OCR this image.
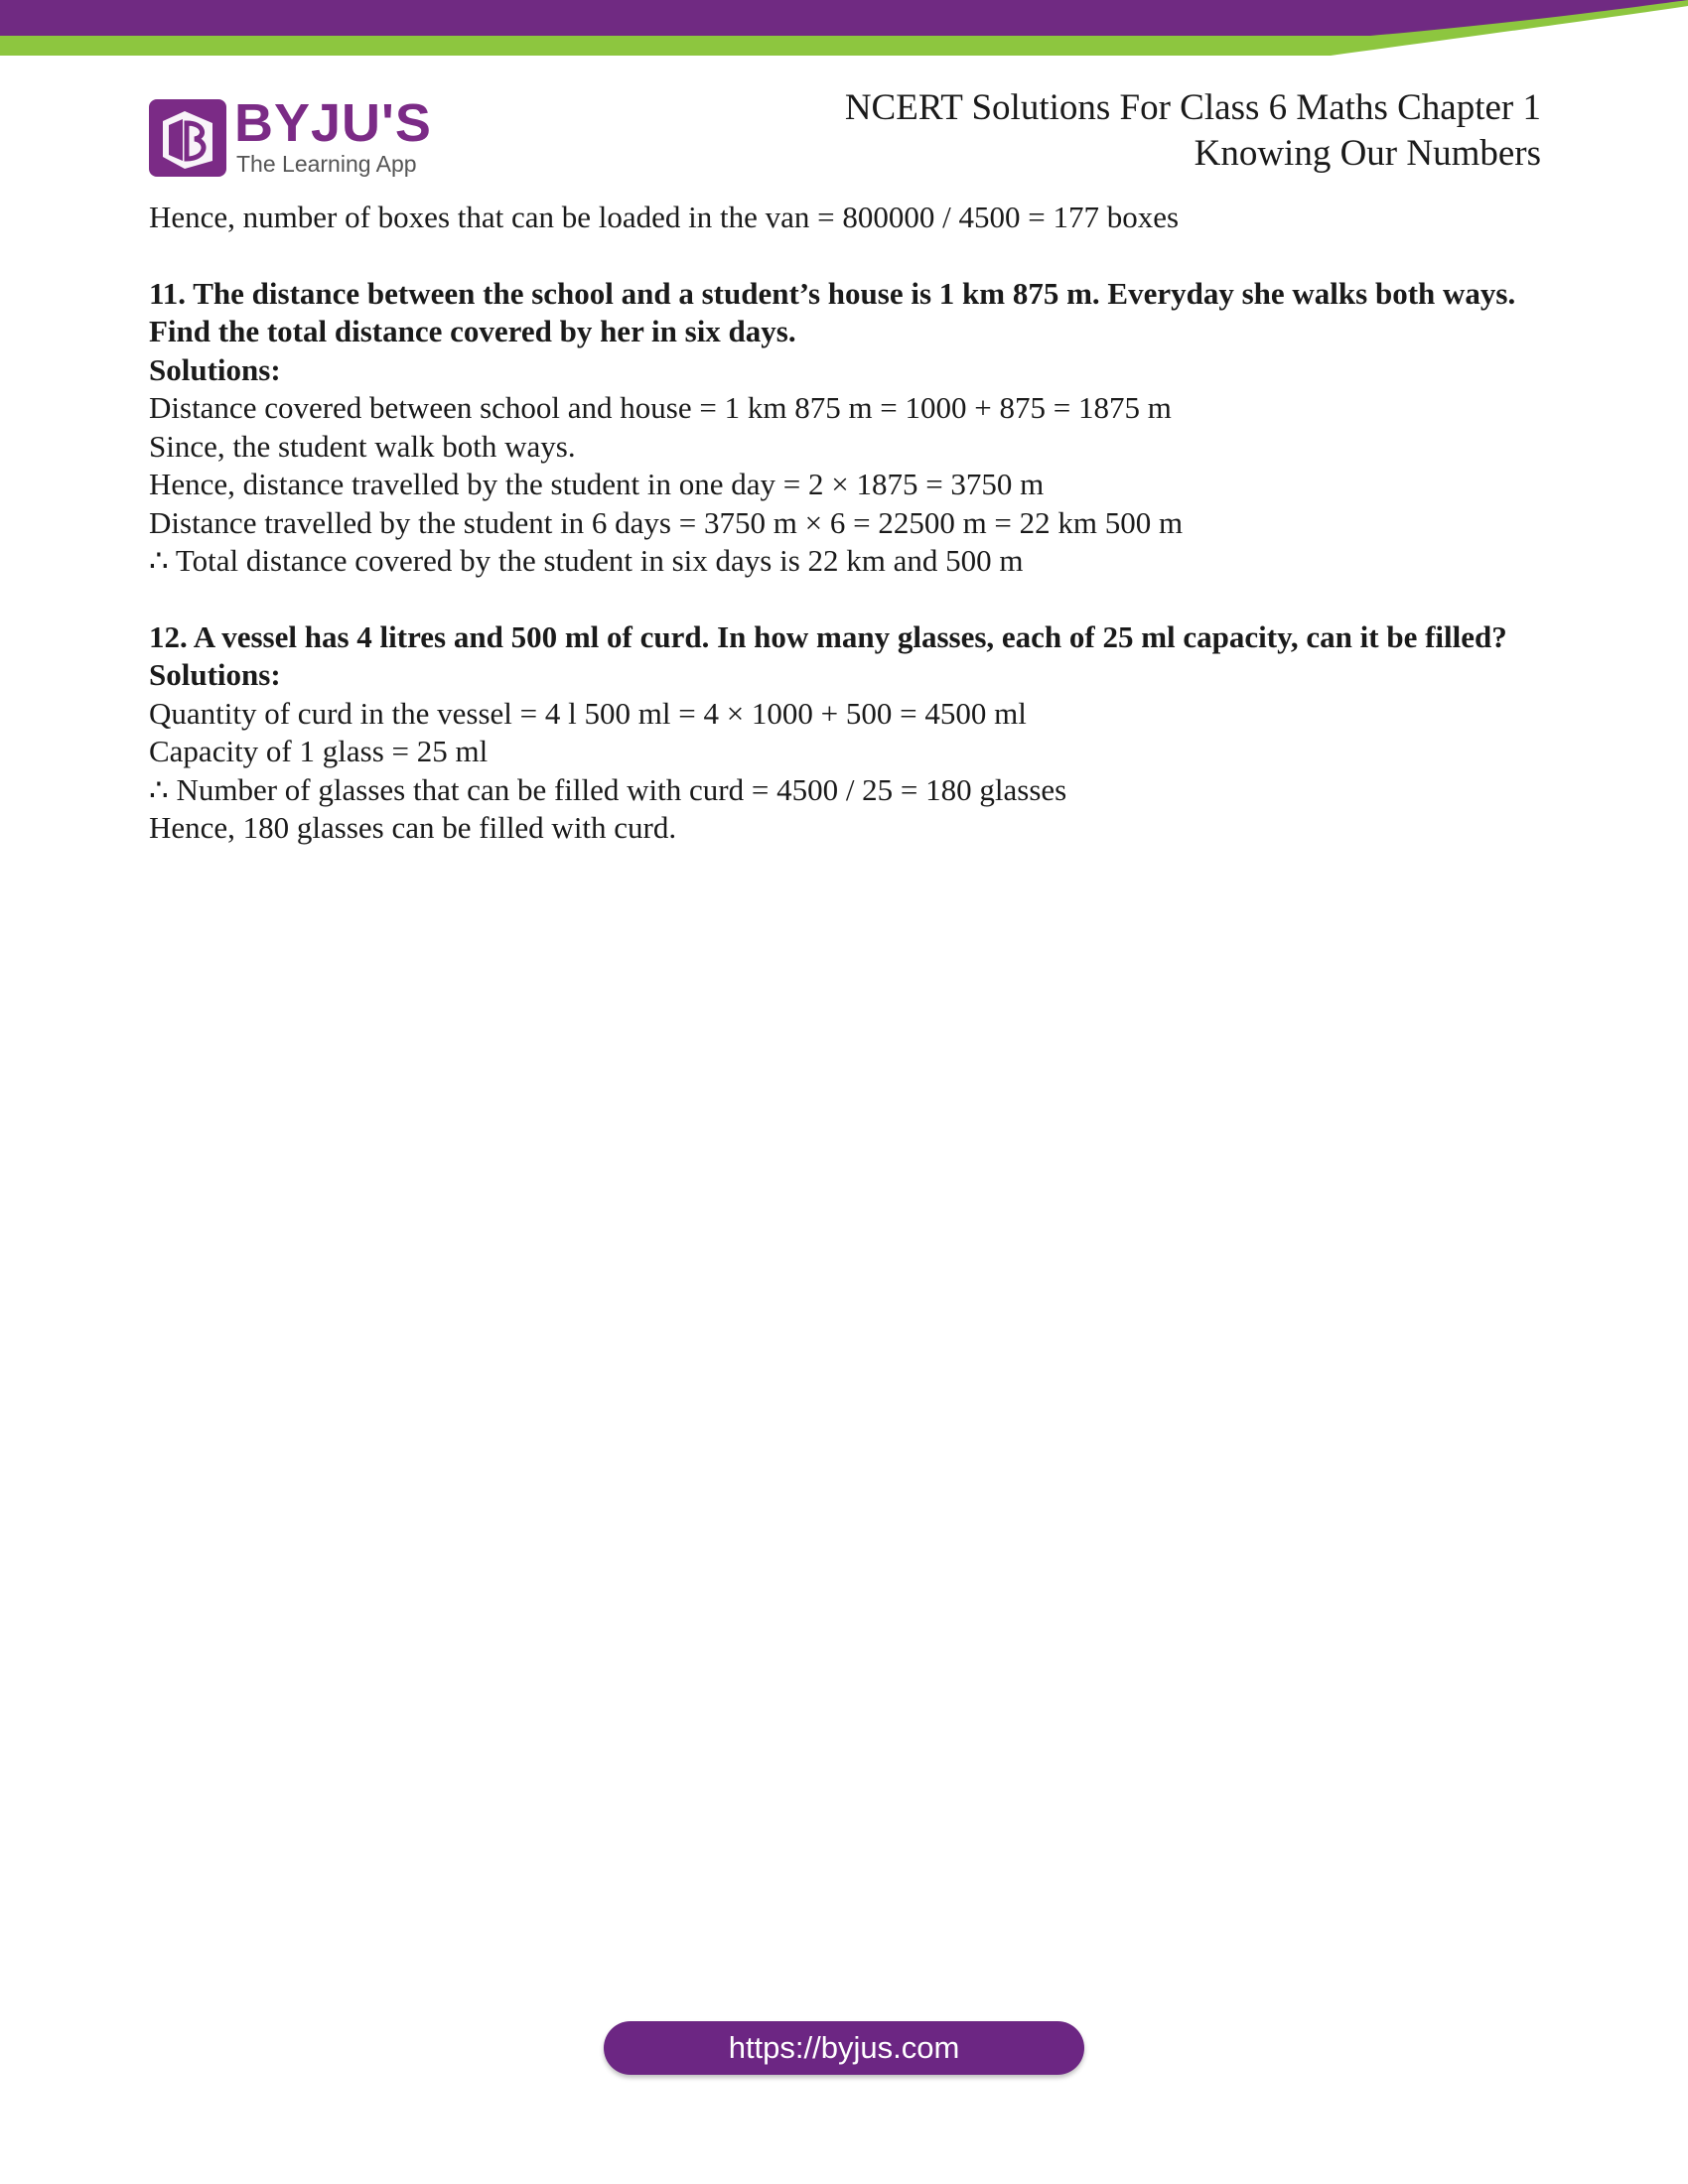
BYJU'S
The Learning App
NCERT Solutions For Class 6 Maths Chapter 1
Knowing Our Numbers

Hence, number of boxes that can be loaded in the van = 800000 / 4500 = 177 boxes

11. The distance between the school and a student’s house is 1 km 875 m. Everyday she walks both ways. Find the total distance covered by her in six days.

Solutions:

Distance covered between school and house = 1 km 875 m = 1000 + 875 = 1875 m

Since, the student walk both ways.

Hence, distance travelled by the student in one day = 2 × 1875 = 3750 m

Distance travelled by the student in 6 days = 3750 m × 6 = 22500 m = 22 km 500 m

∴ Total distance covered by the student in six days is 22 km and 500 m

12. A vessel has 4 litres and 500 ml of curd. In how many glasses, each of 25 ml capacity, can it be filled?

Solutions:

Quantity of curd in the vessel = 4 l 500 ml = 4 × 1000 + 500 = 4500 ml

Capacity of 1 glass = 25 ml

∴ Number of glasses that can be filled with curd = 4500 / 25 = 180 glasses

Hence, 180 glasses can be filled with curd.

https://byjus.com
